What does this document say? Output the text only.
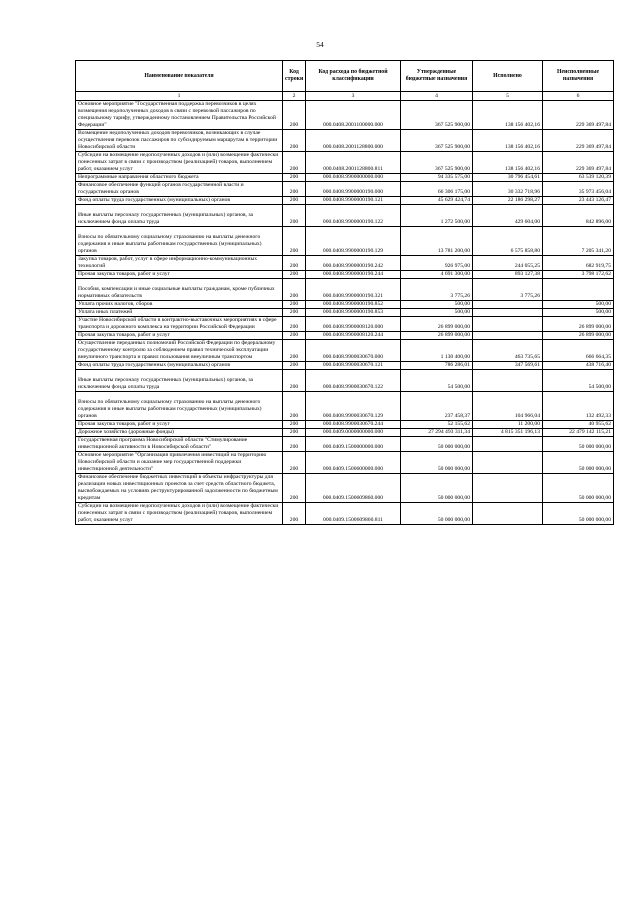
54
Наименование показателя	Код строки	Код расхода по бюджетной классификации	Утвержденные бюджетные назначения	Исполнено	Неисполненные назначения
1	2	3	4	5	6
Основное мероприятие "Государственная поддержка перевозчиков в целях возмещения недополученных доходов в связи с перевозкой пассажиров по специальному тарифу, утвержденному постановлением Правительства Российской Федерации"	200	000.0408.2001100000.000	367 525 900,00	138 156 402,16	229 369 497,84
Возмещение недополученных доходов перевозчиков, возникающих в случае осуществления перевозок пассажиров по субсидируемым маршрутам в территории Новосибирской области	200	000.0408.2001128800.000	367 525 900,00	138 156 402,16	229 369 497,84
Субсидии на возмещение недополученных доходов и (или) возмещение фактически понесенных затрат в связи с производством (реализацией) товаров, выполнением работ, оказанием услуг	200	000.0408.2001128800.811	367 525 900,00	138 156 402,16	229 369 497,84
Непрограммные направления областного бюджета	200	000.0408.9900000000.000	94 335 575,00	30 796 454,61	63 539 120,39
Финансовое обеспечение функций органов государственной власти и государственных органов	200	000.0408.9900000190.000	66 306 175,00	30 332 718,96	35 973 456,04
Фонд оплаты труда государственных (муниципальных) органов	200	000.0408.9900000190.121	45 629 424,74	22 186 298,27	23 443 126,47
Иные выплаты персоналу государственных (муниципальных) органов, за исключением фонда оплаты труда	200	000.0408.9900000190.122	1 272 500,00	429 604,00	842 896,00
Взносы по обязательному социальному страхованию на выплаты денежного содержания и иные выплаты работникам государственных (муниципальных) органов	200	000.0408.9900000190.129	13 781 200,00	6 575 858,80	7 205 341,20
Закупка товаров, работ, услуг в сфере информационно-коммуникационных технологий	200	000.0408.9900000190.242	926 975,00	244 055,25	682 919,75
Прочая закупка товаров, работ и услуг	200	000.0408.9900000190.244	4 691 300,00	893 127,38	3 798 172,62
Пособия, компенсации и иные социальные выплаты гражданам, кроме публичных нормативных обязательств	200	000.0408.9900000190.321	3 775,26	3 775,26	
Уплата прочих налогов, сборов	200	000.0408.9900000190.852	500,00		500,00
Уплата иных платежей	200	000.0408.9900000190.853	500,00		500,00
Участие Новосибирской области в контрактно-выставочных мероприятиях в сфере транспорта и дорожного комплекса на территории Российской Федерации	200	000.0408.9900008120.000	26 899 000,00		26 899 000,00
Прочая закупка товаров, работ и услуг	200	000.0408.9900008120.244	26 899 000,00		26 899 000,00
Осуществление переданных полномочий Российской Федерации по федеральному государственному контролю за соблюдением правил технической эксплуатации внеуличного транспорта и правил пользования внеуличным транспортом	200	000.0408.9900030670.000	1 130 400,00	463 735,65	666 664,35
Фонд оплаты труда государственных (муниципальных) органов	200	000.0408.9900030670.121	786 286,01	347 569,61	438 716,40
Иные выплаты персоналу государственных (муниципальных) органов, за исключением фонда оплаты труда	200	000.0408.9900030670.122	54 500,00		54 500,00
Взносы по обязательному социальному страхованию на выплаты денежного содержания и иные выплаты работникам государственных (муниципальных) органов	200	000.0408.9900030670.129	237 458,37	104 966,04	132 492,33
Прочая закупка товаров, работ и услуг	200	000.0408.9900030670.244	52 155,62	11 200,00	40 955,62
Дорожное хозяйство (дорожные фонды)	200	000.0409.0000000000.000	27 294 493 311,34	4 815 351 196,13	22 479 142 115,21
Государственная программа Новосибирской области "Стимулирование инвестиционной активности в Новосибирской области"	200	000.0409.1500000000.000	50 000 000,00		50 000 000,00
Основное мероприятие "Организация привлечения инвестиций на территорию Новосибирской области и оказание мер государственной поддержки инвестиционной деятельности"	200	000.0409.1500600000.000	50 000 000,00		50 000 000,00
Финансовое обеспечение бюджетных инвестиций в объекты инфраструктуры для реализации новых инвестиционных проектов за счет средств областного бюджета, высвобождаемых на условиях реструктурированной задолженности по бюджетным кредитам	200	000.0409.1500609860.000	50 000 000,00		50 000 000,00
Субсидии на возмещение недополученных доходов и (или) возмещение фактически понесенных затрат в связи с производством (реализацией) товаров, выполнением работ, оказанием услуг	200	000.0409.1500609860.811	50 000 000,00		50 000 000,00
